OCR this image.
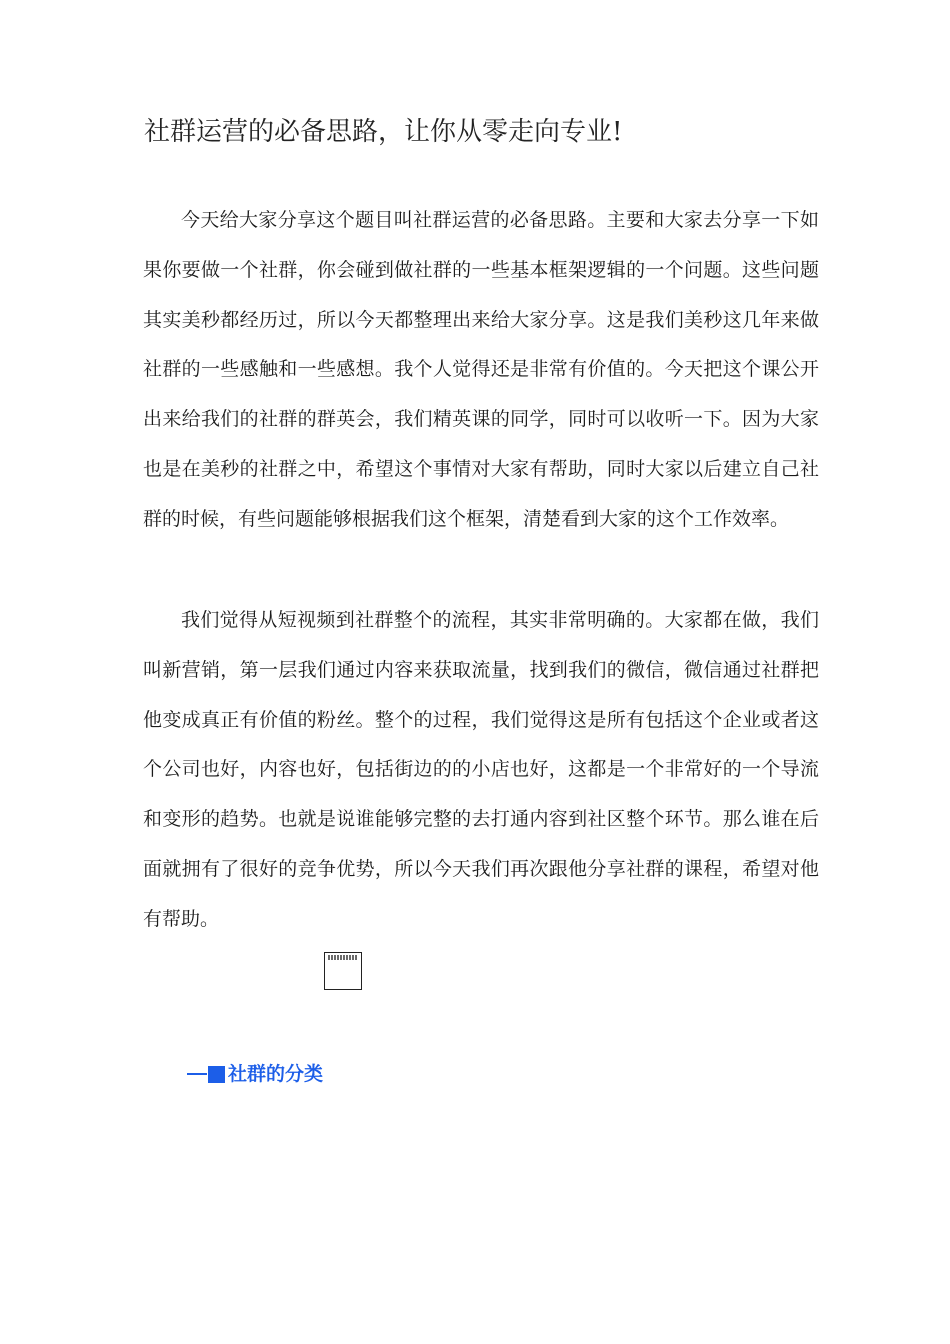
社群运营的必备思路，让你从零走向专业!

今天给大家分享这个题目叫社群运营的必备思路。主要和大家去分享一下如果你要做一个社群，你会碰到做社群的一些基本框架逻辑的一个问题。这些问题其实美秒都经历过，所以今天都整理出来给大家分享。这是我们美秒这几年来做社群的一些感触和一些感想。我个人觉得还是非常有价值的。今天把这个课公开出来给我们的社群的群英会，我们精英课的同学，同时可以收听一下。因为大家也是在美秒的社群之中，希望这个事情对大家有帮助，同时大家以后建立自己社群的时候，有些问题能够根据我们这个框架，清楚看到大家的这个工作效率。

我们觉得从短视频到社群整个的流程，其实非常明确的。大家都在做，我们叫新营销，第一层我们通过内容来获取流量，找到我们的微信，微信通过社群把他变成真正有价值的粉丝。整个的过程，我们觉得这是所有包括这个企业或者这个公司也好，内容也好，包括街边的的小店也好，这都是一个非常好的一个导流和变形的趋势。也就是说谁能够完整的去打通内容到社区整个环节。那么谁在后面就拥有了很好的竞争优势，所以今天我们再次跟他分享社群的课程，希望对他有帮助。

社群的分类
